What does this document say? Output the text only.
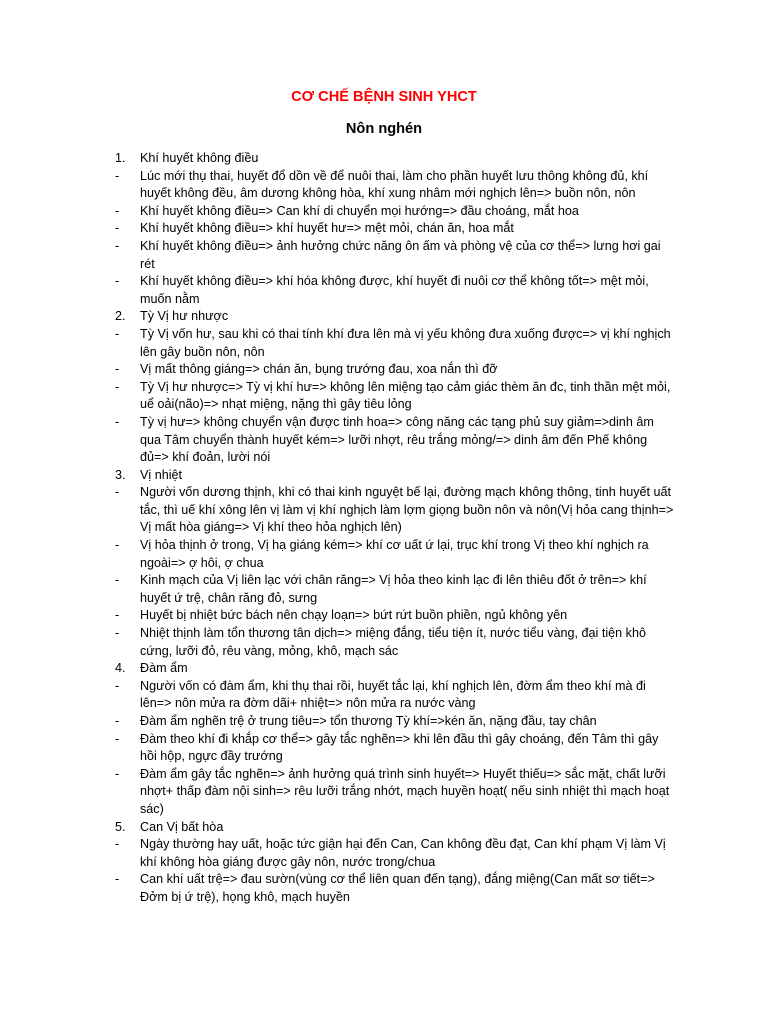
CƠ CHẾ BỆNH SINH YHCT
Nôn nghén
1. Khí huyết không điều
- Lúc mới thụ thai, huyết đổ dồn về để nuôi thai, làm cho phần huyết lưu thông không đủ, khí huyết không đều, âm dương không hòa, khí xung nhâm mới nghịch lên=> buồn nôn, nôn
- Khí huyết không điều=> Can khí di chuyển mọi hướng=> đầu choáng, mắt hoa
- Khí huyết không điều=> khí huyết hư=> mệt mỏi, chán ăn, hoa mắt
- Khí huyết không điều=> ảnh hưởng chức năng ôn ấm và phòng vệ của cơ thể=> lưng hơi gai rét
- Khí huyết không điều=> khí hóa không được, khí huyết đi nuôi cơ thể không tốt=> mệt mỏi, muốn nằm
2. Tỳ Vị hư nhược
- Tỳ Vị vốn hư, sau khi có thai tính khí đưa lên mà vị yếu không đưa xuống được=> vị khí nghịch lên gây buồn nôn, nôn
- Vị mất thông giáng=> chán ăn, bụng trướng đau, xoa nắn thì đỡ
- Tỳ Vị hư nhược=> Tỳ vị khí hư=> không lên miệng tạo cảm giác thèm ăn đc, tinh thần mệt mỏi, uể oải(não)=> nhạt miệng, nặng thì gây tiêu lỏng
- Tỳ vị hư=> không chuyển vận được tinh hoa=> công năng các tạng phủ suy giảm=>dinh âm qua Tâm chuyển thành huyết kém=> lưỡi nhợt, rêu trắng mỏng/=> dinh âm đến Phế không đủ=> khí đoản, lười nói
3. Vị nhiệt
- Người vốn dương thịnh, khi có thai kinh nguyệt bế lại, đường mạch không thông, tinh huyết uất tắc, thì uế khí xông lên vị làm vị khí nghịch làm lợm giọng buồn nôn và nôn(Vị hỏa cang thịnh=> Vị mất hòa giáng=> Vị khí theo hỏa nghịch lên)
- Vị hỏa thịnh ở trong, Vị hạ giáng kém=> khí cơ uất ứ lại, trục khí trong Vị theo khí nghịch ra ngoài=> ợ hôi, ợ chua
- Kinh mạch của Vị liên lạc với chân răng=> Vị hỏa theo kinh lạc đi lên thiêu đốt ở trên=> khí huyết ứ trệ, chân răng đỏ, sưng
- Huyết bị nhiệt bức bách nên chạy loạn=> bứt rứt buồn phiền, ngủ không yên
- Nhiệt thịnh làm tổn thương tân dịch=> miệng đắng, tiểu tiện ít, nước tiểu vàng, đại tiện khô cứng, lưỡi đỏ, rêu vàng, mỏng, khô, mạch sác
4. Đàm ẩm
- Người vốn có đàm ẩm, khi thụ thai rồi, huyết tắc lại, khí nghịch lên, đờm ẩm theo khí mà đi lên=> nôn mửa ra đờm dãi+ nhiệt=> nôn mửa ra nước vàng
- Đàm ẩm nghẽn trệ ở trung tiêu=> tổn thương Tỳ khí=>kén ăn, nặng đầu, tay chân
- Đàm theo khí đi khắp cơ thể=> gây tắc nghẽn=> khi lên đầu thì gây choáng, đến Tâm thì gây hồi hộp, ngực đầy trướng
- Đàm ẩm gây tắc nghẽn=> ảnh hưởng quá trình sinh huyết=> Huyết thiếu=> sắc mặt, chất lưỡi nhợt+ thấp đàm nội sinh=> rêu lưỡi trắng nhớt, mạch huyền hoạt( nếu sinh nhiệt thì mạch hoạt sác)
5. Can Vị bất hòa
- Ngày thường hay uất, hoặc tức giận hại đến Can, Can không đều đạt, Can khí phạm Vị làm Vị khí không hòa giáng được gây nôn, nước trong/chua
- Can khí uất trệ=> đau sườn(vùng cơ thể liên quan đến tạng), đắng miệng(Can mất sơ tiết=> Đởm bị ứ trệ), họng khô, mạch huyền
